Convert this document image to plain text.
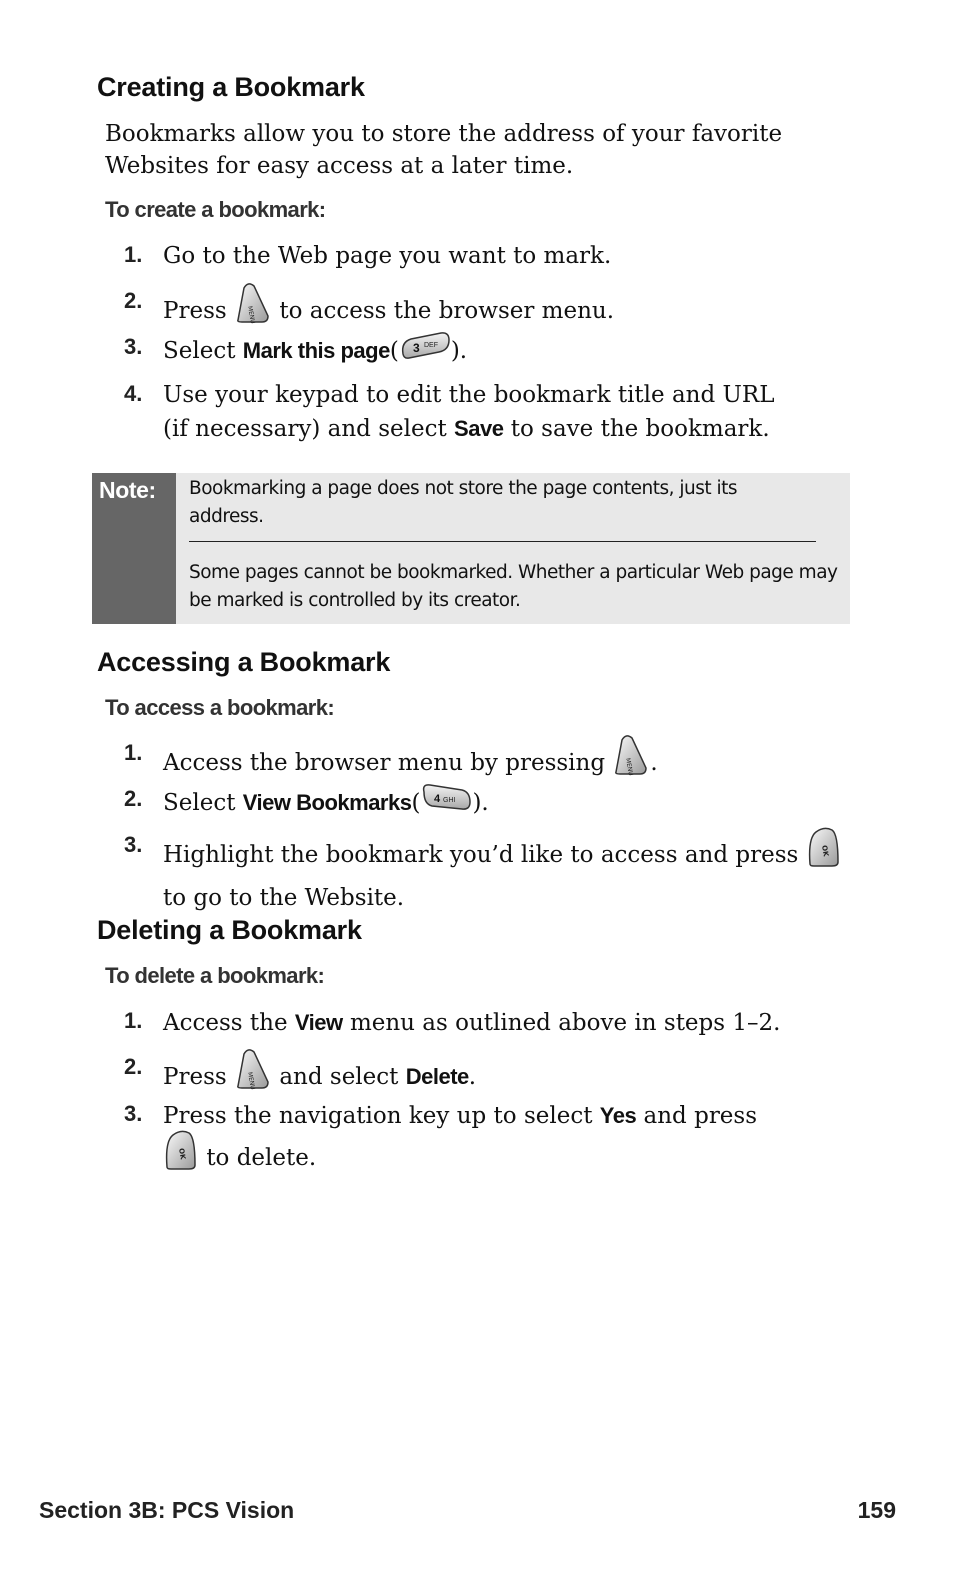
Creating a Bookmark

Bookmarks allow you to store the address of your favorite Websites for easy access at a later time.

To create a bookmark:

1. Go to the Web page you want to mark.
2. Press	MENU to access the browser menu.
3. Select Mark this page( 3 DEF ).
4. Use your keypad to edit the bookmark title and URL (if necessary) and select Save to save the bookmark.
Note: Bookmarking a page does not store the page contents, just its address.

Some pages cannot be bookmarked. Whether a particular Web page may be marked is controlled by its creator.

Accessing a Bookmark

To access a bookmark:

1. Access the browser menu by pressing	MENU .
2. Select View Bookmarks( 4 GHI ).
3. Highlight the bookmark you’d like to access and press	OK
to go to the Website.
Deleting a Bookmark

To delete a bookmark:

1. Access the View menu as outlined above in steps 1–2.
2. Press	MENU and select Delete.
3. Press the navigation key up to select Yes and press
OK to delete.
Section 3B: PCS Vision	159
